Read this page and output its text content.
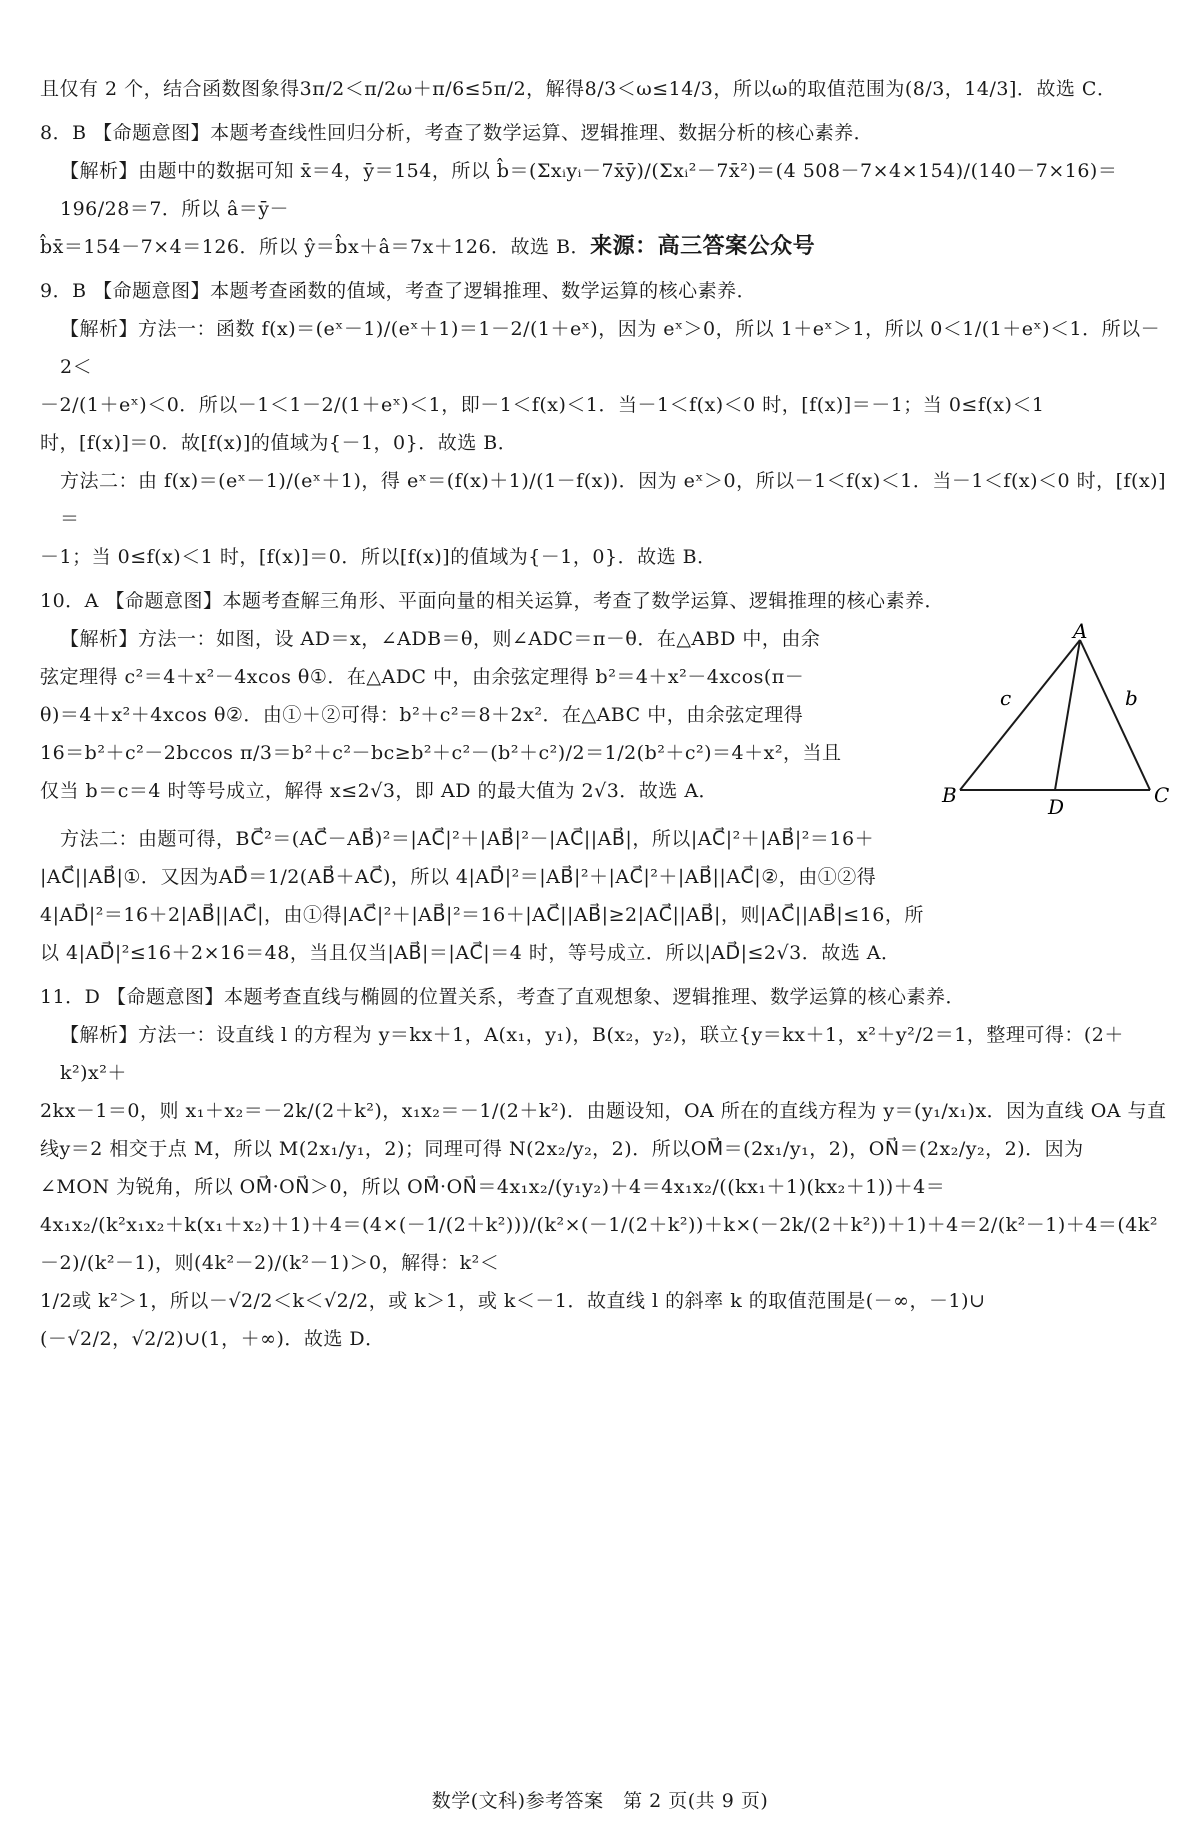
且仅有 2 个，结合函数图象得3π/2＜π/2ω＋π/6≤5π/2，解得8/3＜ω≤14/3，所以ω的取值范围为(8/3，14/3]．故选 C．

8．B 【命题意图】本题考查线性回归分析，考查了数学运算、逻辑推理、数据分析的核心素养．

【解析】由题中的数据可知 x̄＝4，ȳ＝154，所以 b̂＝(Σxᵢyᵢ－7x̄ȳ)/(Σxᵢ²－7x̄²)＝(4 508－7×4×154)/(140－7×16)＝196/28＝7．所以 â＝ȳ－

b̂x̄＝154－7×4＝126．所以 ŷ＝b̂x＋â＝7x＋126．故选 B．来源：高三答案公众号

9．B 【命题意图】本题考查函数的值域，考查了逻辑推理、数学运算的核心素养．

【解析】方法一：函数 f(x)＝(eˣ－1)/(eˣ＋1)＝1－2/(1＋eˣ)，因为 eˣ＞0，所以 1＋eˣ＞1，所以 0＜1/(1＋eˣ)＜1．所以－2＜

－2/(1＋eˣ)＜0．所以－1＜1－2/(1＋eˣ)＜1，即－1＜f(x)＜1．当－1＜f(x)＜0 时，[f(x)]＝－1；当 0≤f(x)＜1

时，[f(x)]＝0．故[f(x)]的值域为{－1，0}．故选 B．

方法二：由 f(x)＝(eˣ－1)/(eˣ＋1)，得 eˣ＝(f(x)＋1)/(1－f(x))．因为 eˣ＞0，所以－1＜f(x)＜1．当－1＜f(x)＜0 时，[f(x)]＝

－1；当 0≤f(x)＜1 时，[f(x)]＝0．所以[f(x)]的值域为{－1，0}．故选 B．

10．A 【命题意图】本题考查解三角形、平面向量的相关运算，考查了数学运算、逻辑推理的核心素养．

【解析】方法一：如图，设 AD＝x，∠ADB＝θ，则∠ADC＝π－θ．在△ABD 中，由余

弦定理得 c²＝4＋x²－4xcos θ①．在△ADC 中，由余弦定理得 b²＝4＋x²－4xcos(π－

θ)＝4＋x²＋4xcos θ②．由①＋②可得：b²＋c²＝8＋2x²．在△ABC 中，由余弦定理得

16＝b²＋c²－2bccos π/3＝b²＋c²－bc≥b²＋c²－(b²＋c²)/2＝1/2(b²＋c²)＝4＋x²，当且

仅当 b＝c＝4 时等号成立，解得 x≤2√3，即 AD 的最大值为 2√3．故选 A．

A
B	C
D
b
c

方法二：由题可得，BC⃗²＝(AC⃗－AB⃗)²＝|AC⃗|²＋|AB⃗|²－|AC⃗||AB⃗|，所以|AC⃗|²＋|AB⃗|²＝16＋

|AC⃗||AB⃗|①．又因为AD⃗＝1/2(AB⃗＋AC⃗)，所以 4|AD⃗|²＝|AB⃗|²＋|AC⃗|²＋|AB⃗||AC⃗|②，由①②得

4|AD⃗|²＝16＋2|AB⃗||AC⃗|，由①得|AC⃗|²＋|AB⃗|²＝16＋|AC⃗||AB⃗|≥2|AC⃗||AB⃗|，则|AC⃗||AB⃗|≤16，所

以 4|AD⃗|²≤16＋2×16＝48，当且仅当|AB⃗|＝|AC⃗|＝4 时，等号成立．所以|AD⃗|≤2√3．故选 A．

11．D 【命题意图】本题考查直线与椭圆的位置关系，考查了直观想象、逻辑推理、数学运算的核心素养．

【解析】方法一：设直线 l 的方程为 y＝kx＋1，A(x₁，y₁)，B(x₂，y₂)，联立{y＝kx＋1，x²＋y²/2＝1，整理可得：(2＋k²)x²＋

2kx－1＝0，则 x₁＋x₂＝－2k/(2＋k²)，x₁x₂＝－1/(2＋k²)．由题设知，OA 所在的直线方程为 y＝(y₁/x₁)x．因为直线 OA 与直

线y＝2 相交于点 M，所以 M(2x₁/y₁，2)；同理可得 N(2x₂/y₂，2)．所以OM⃗＝(2x₁/y₁，2)，ON⃗＝(2x₂/y₂，2)．因为

∠MON 为锐角，所以 OM⃗·ON⃗＞0，所以 OM⃗·ON⃗＝4x₁x₂/(y₁y₂)＋4＝4x₁x₂/((kx₁＋1)(kx₂＋1))＋4＝

4x₁x₂/(k²x₁x₂＋k(x₁＋x₂)＋1)＋4＝(4×(－1/(2＋k²)))/(k²×(－1/(2＋k²))＋k×(－2k/(2＋k²))＋1)＋4＝2/(k²－1)＋4＝(4k²－2)/(k²－1)，则(4k²－2)/(k²－1)＞0，解得：k²＜

1/2或 k²＞1，所以－√2/2＜k＜√2/2，或 k＞1，或 k＜－1．故直线 l 的斜率 k 的取值范围是(－∞，－1)∪

(－√2/2，√2/2)∪(1，＋∞)．故选 D．

数学(文科)参考答案　第 2 页(共 9 页)
